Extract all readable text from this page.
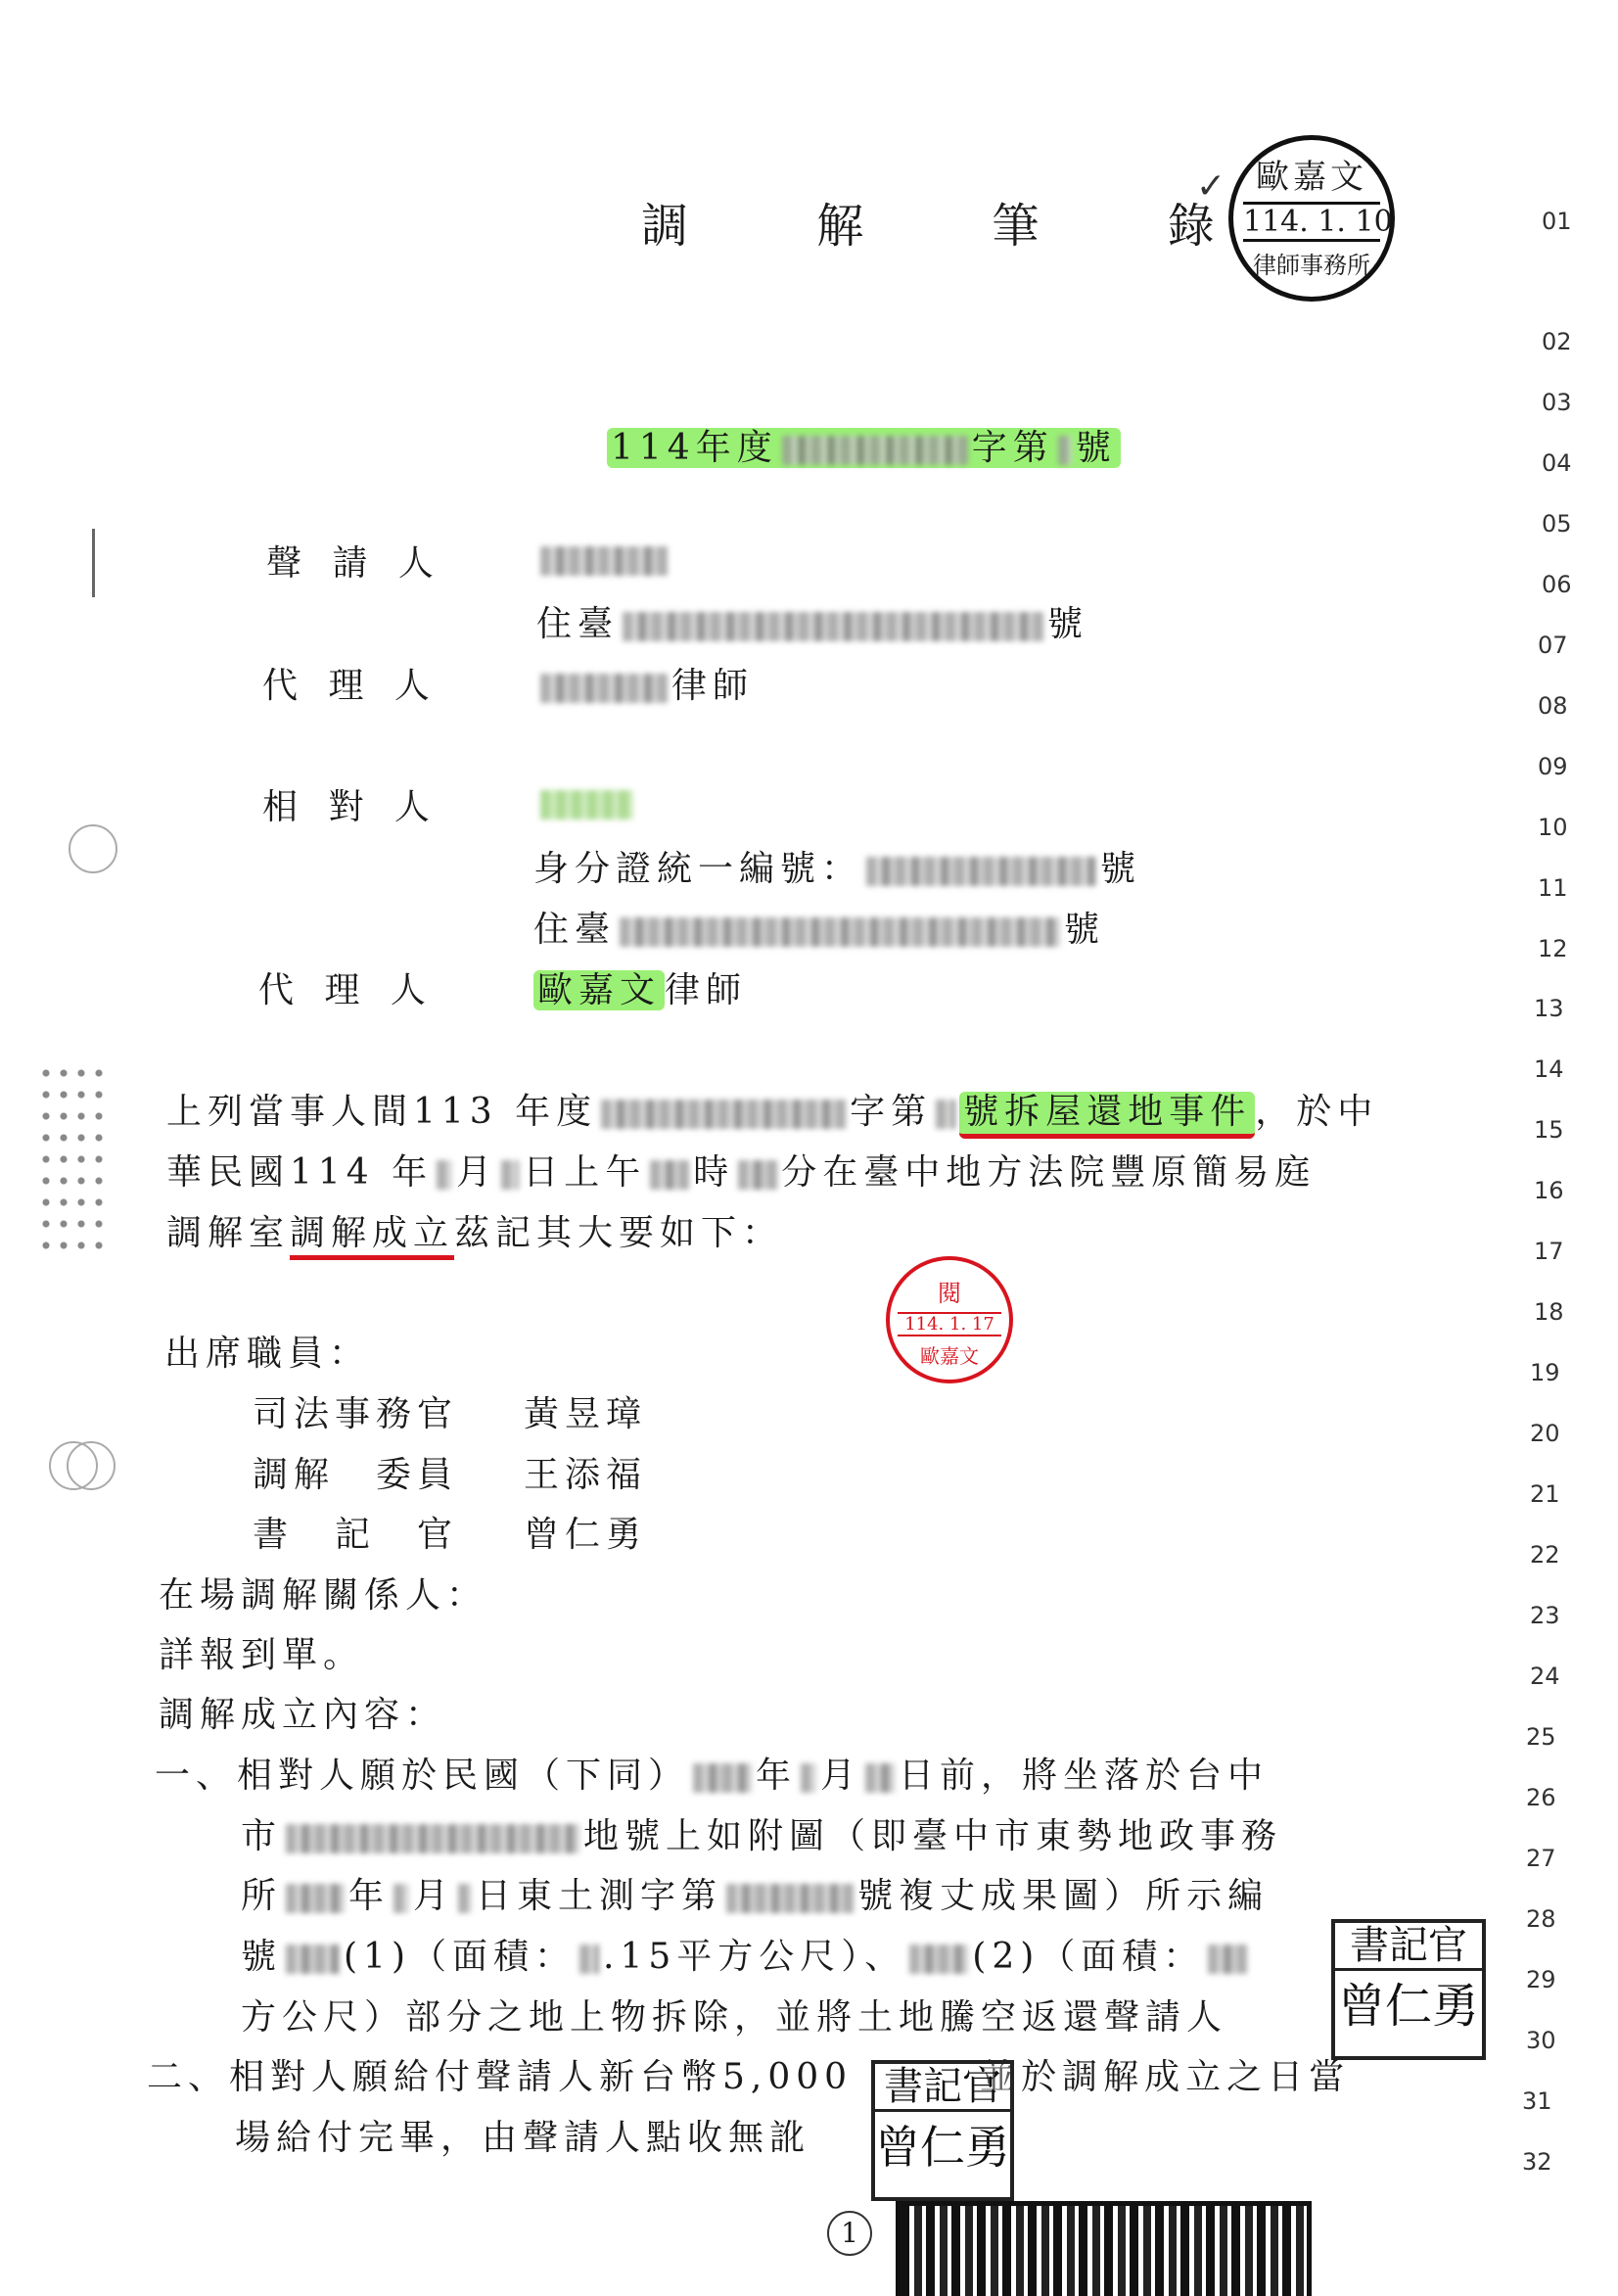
調 解 筆 錄
歐嘉文
114. 1. 10
律師事務所
✓
114年度	字第 號
聲 請 人
住臺	號
代 理 人	律師
相 對 人
身分證統一編號：	號
住臺	號
代 理 人	歐嘉文 律師
上列當事人間113 年度	字第 號拆屋還地事件 ，於中
華民國114 年 月 日上午 時 分在臺中地方法院豐原簡易庭
調解室調解成立茲記其大要如下：
閱
114. 1. 17
歐嘉文
出席職員：
司法事務官 黃昱璋
調解　委員 王添福
書　記　官 曾仁勇
在場調解關係人：
詳報到單。
調解成立內容：
一、相對人願於民國（下同） 年 月 日前，將坐落於台中
市	地號上如附圖（即臺中市東勢地政事務
所 年 月 日東土測字第	號複丈成果圖）所示編
號 (1)（面積： .15平方公尺）、 (2)（面積：
方公尺）部分之地上物拆除，並將土地騰空返還聲請人
二、相對人願給付聲請人新台幣5,000	並於調解成立之日當
場給付完畢，由聲請人點收無訛
書記官
曾仁勇
書記官
曾仁勇
1
01
02
03
04
05
06
07
08
09
10
11
12
13
14
15
16
17
18
19
20
21
22
23
24
25
26
27
28
29
30
31
32
